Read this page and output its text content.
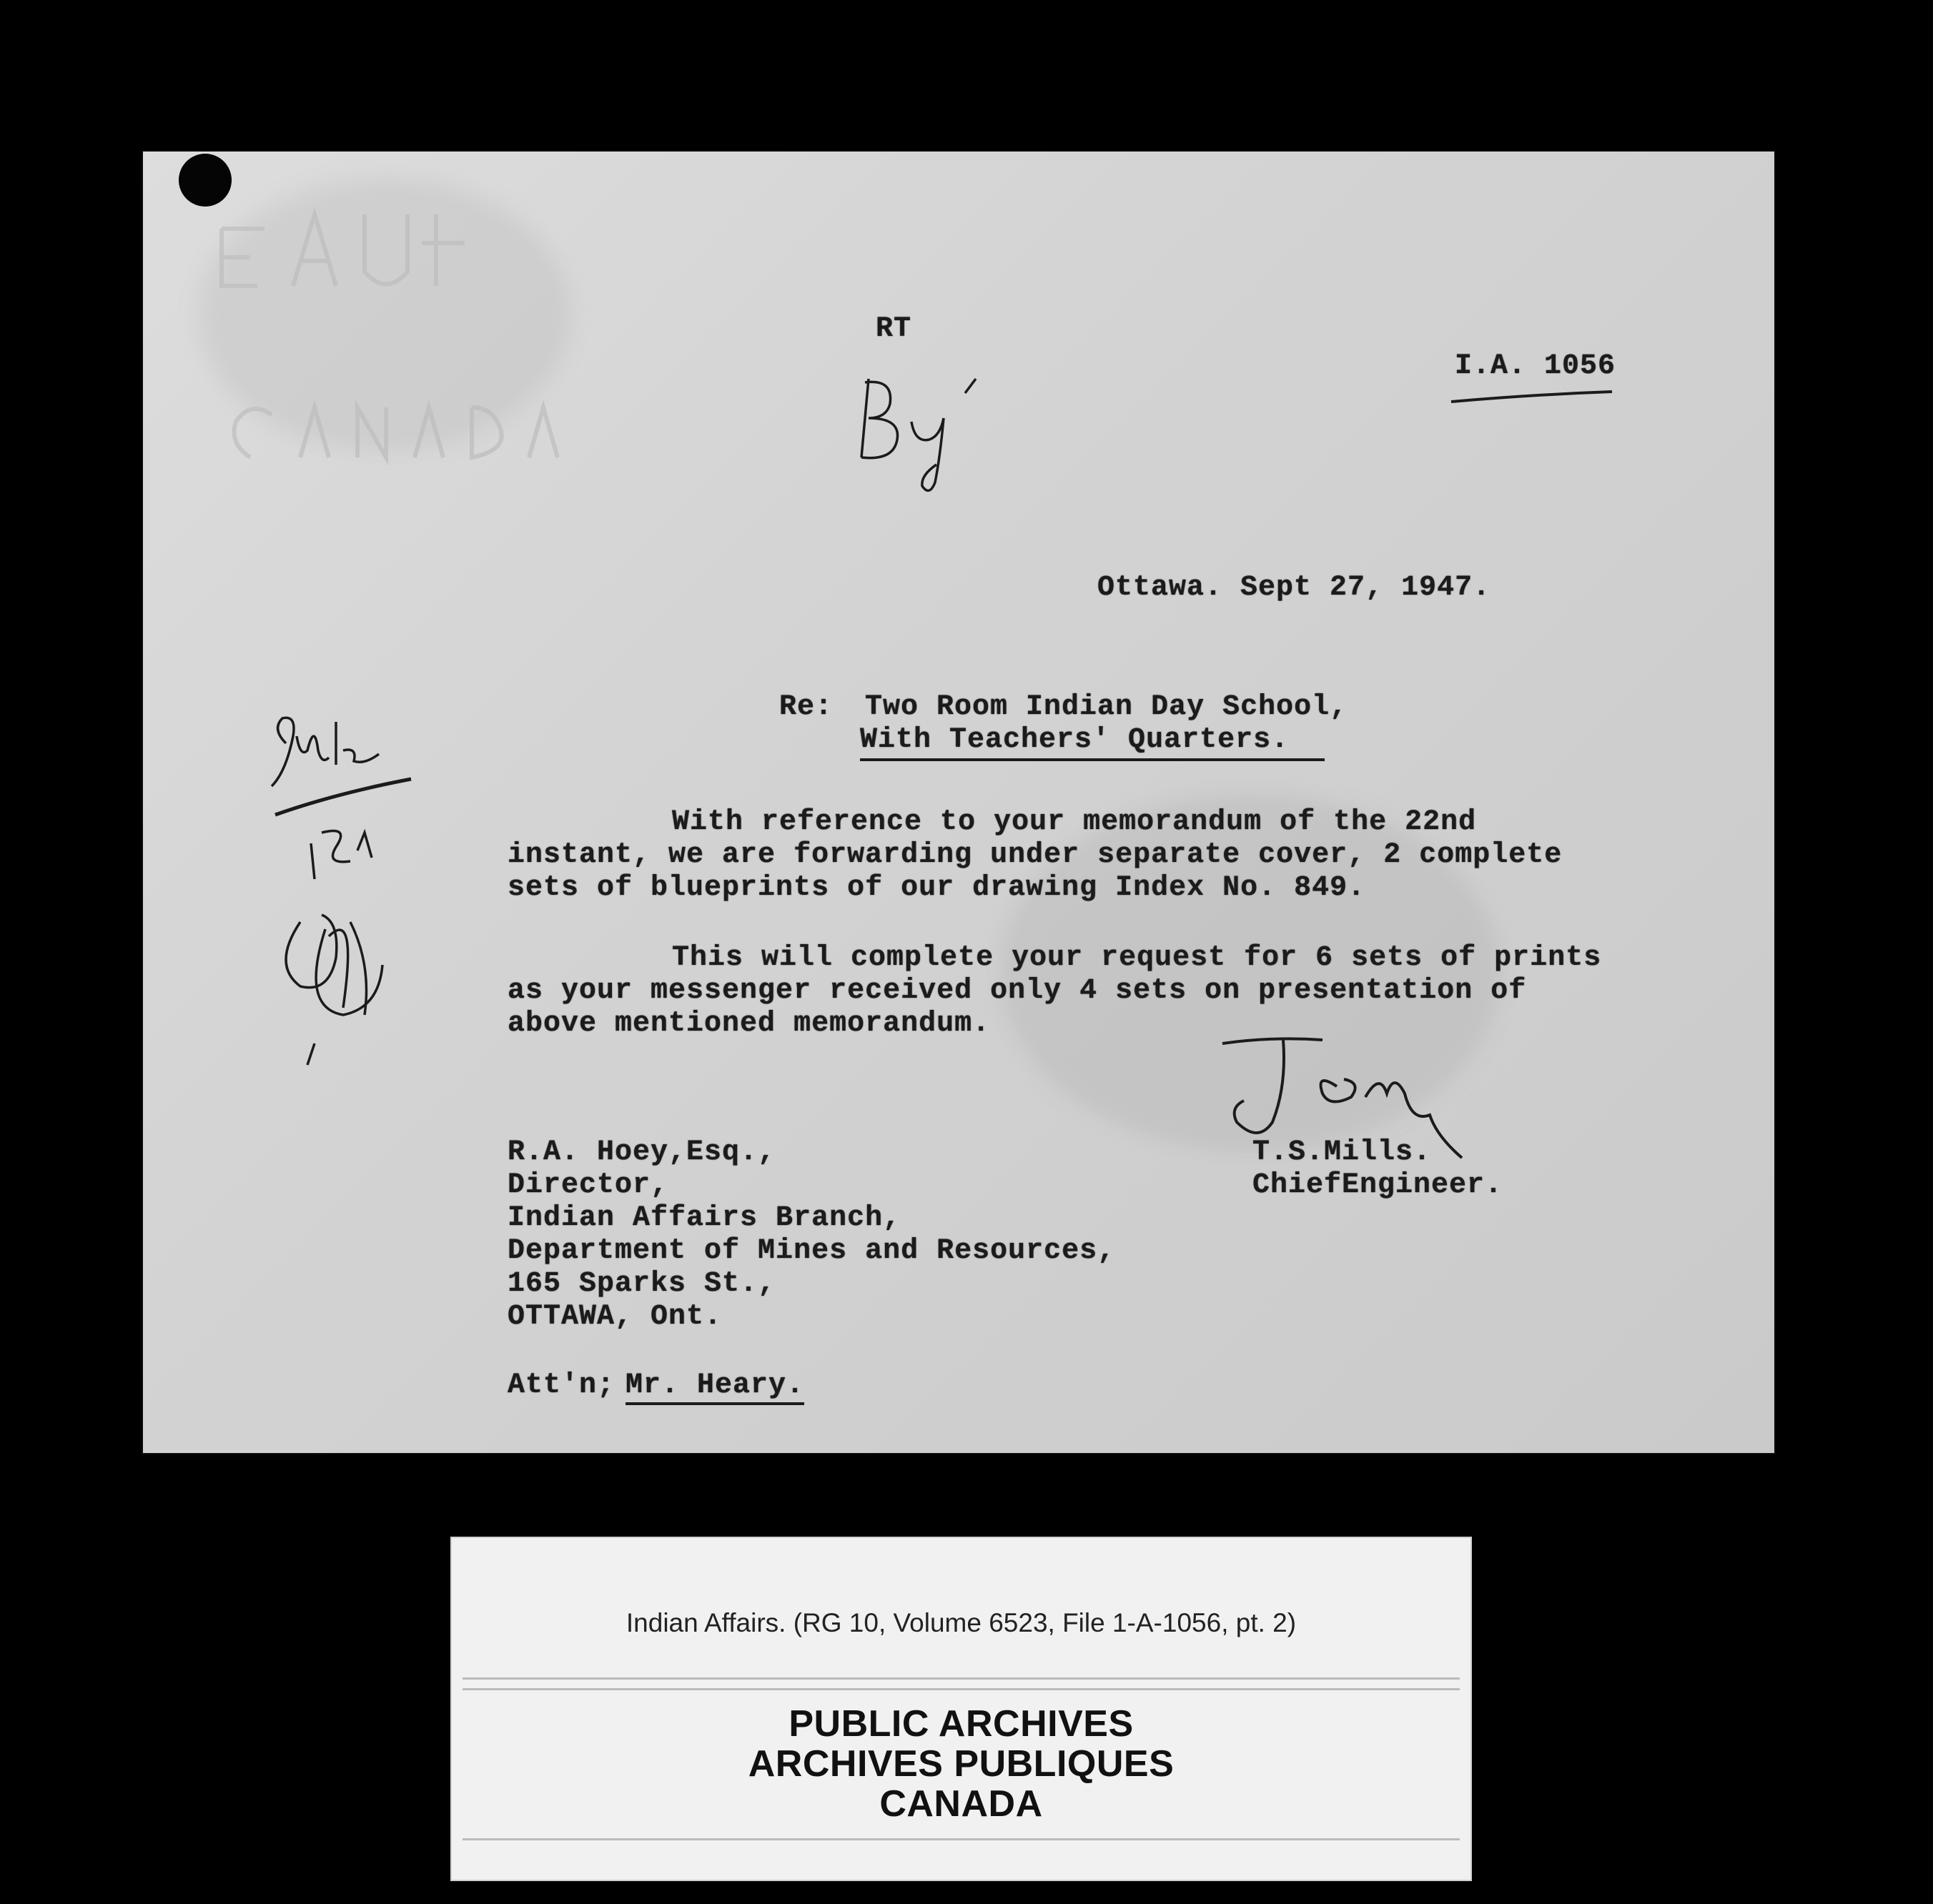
RT
I.A. 1056
Ottawa. Sept 27, 1947.
Re: Two Room Indian Day School,
With Teachers' Quarters.
With reference to your memorandum of the 22nd
instant, we are forwarding under separate cover, 2 complete
sets of blueprints of our drawing Index No. 849.
This will complete your request for 6 sets of prints
as your messenger received only 4 sets on presentation of
above mentioned memorandum.
T.S.Mills.
ChiefEngineer.
R.A. Hoey,Esq.,
Director,
Indian Affairs Branch,
Department of Mines and Resources,
165 Sparks St.,
OTTAWA, Ont.
Att'n; Mr. Heary.
Indian Affairs. (RG 10, Volume 6523, File 1-A-1056, pt. 2)
PUBLIC ARCHIVES
ARCHIVES PUBLIQUES
CANADA
